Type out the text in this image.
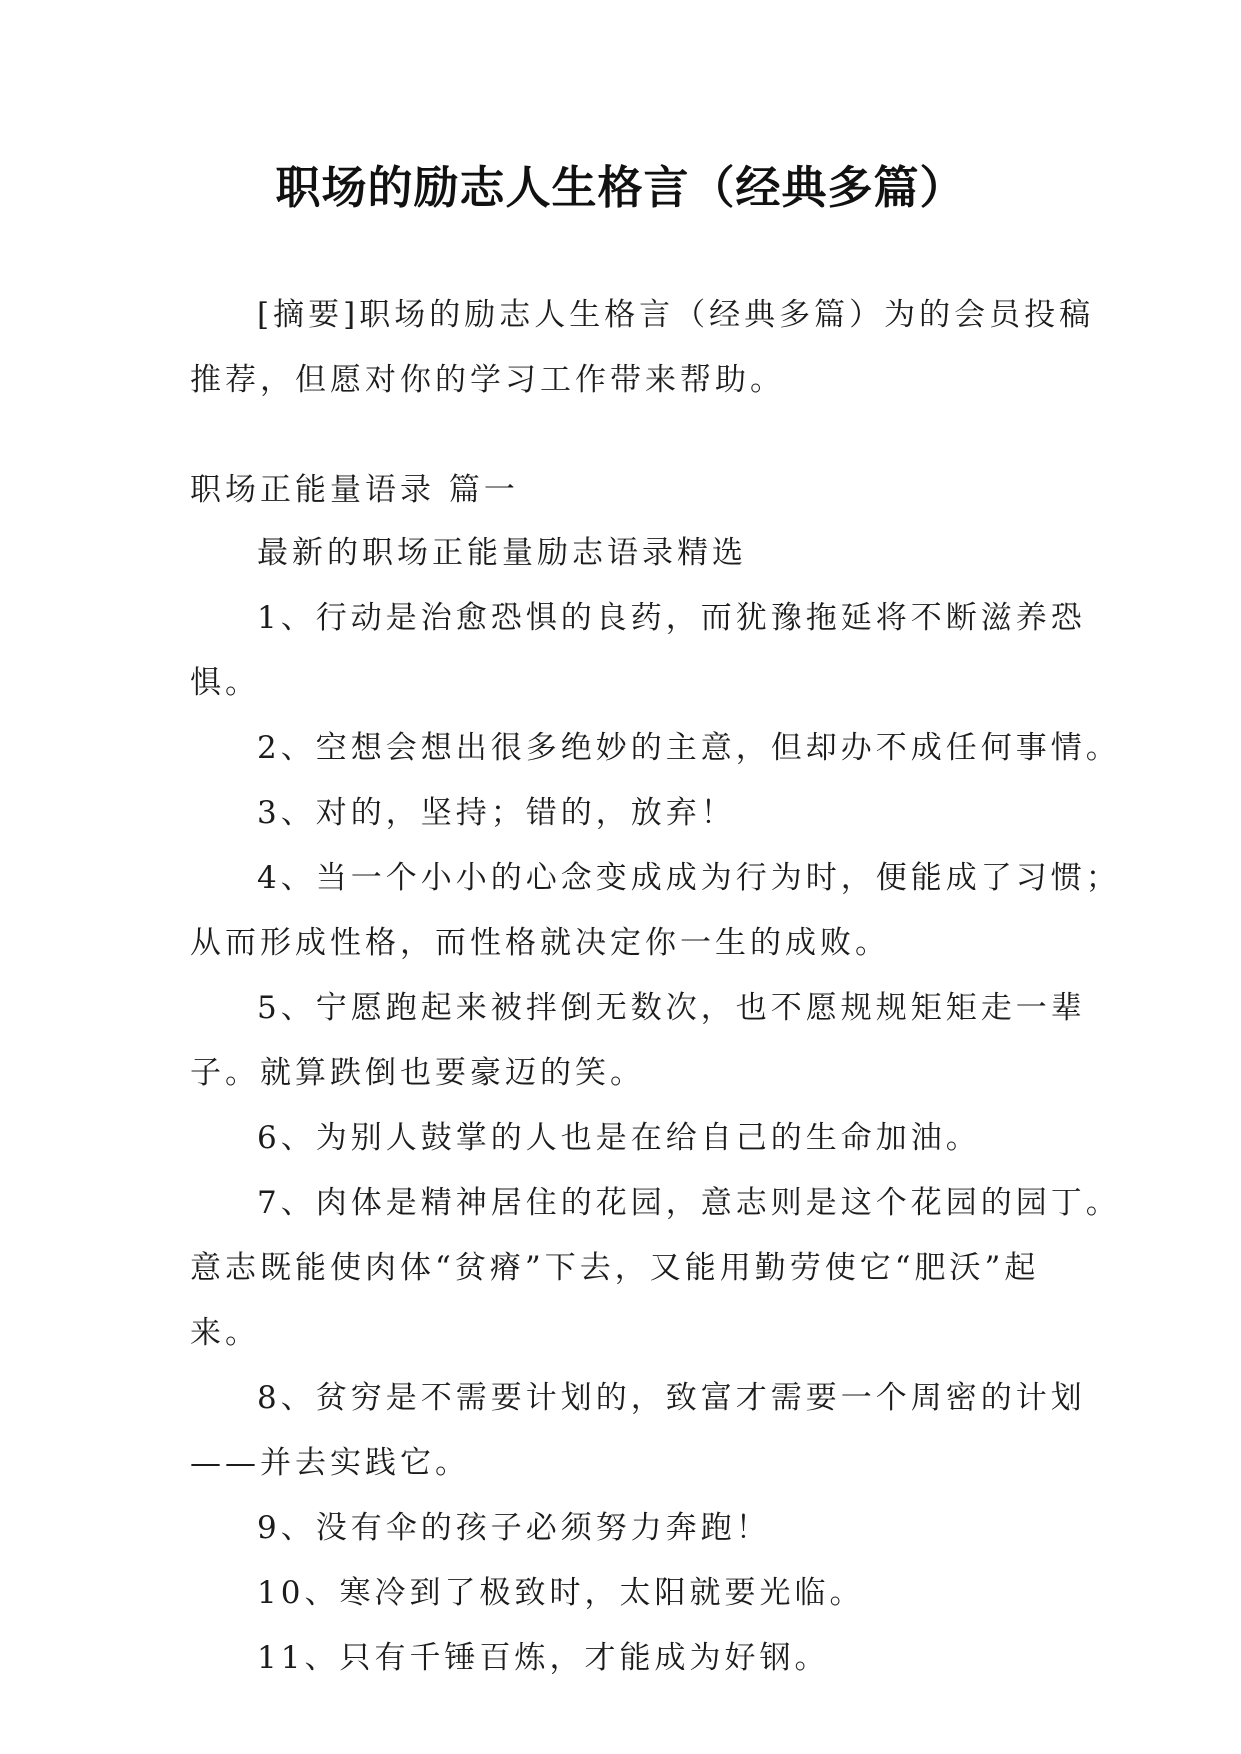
职场的励志人生格言（经典多篇）
[摘要]职场的励志人生格言（经典多篇）为的会员投稿
推荐，但愿对你的学习工作带来帮助。
职场正能量语录 篇一
最新的职场正能量励志语录精选
1、行动是治愈恐惧的良药，而犹豫拖延将不断滋养恐
惧。
2、空想会想出很多绝妙的主意，但却办不成任何事情。
3、对的，坚持；错的，放弃！
4、当一个小小的心念变成成为行为时，便能成了习惯；
从而形成性格，而性格就决定你一生的成败。
5、宁愿跑起来被拌倒无数次，也不愿规规矩矩走一辈
子。就算跌倒也要豪迈的笑。
6、为别人鼓掌的人也是在给自己的生命加油。
7、肉体是精神居住的花园，意志则是这个花园的园丁。
意志既能使肉体“贫瘠”下去，又能用勤劳使它“肥沃”起
来。
8、贫穷是不需要计划的，致富才需要一个周密的计划
——并去实践它。
9、没有伞的孩子必须努力奔跑！
10、寒冷到了极致时，太阳就要光临。
11、只有千锤百炼，才能成为好钢。
